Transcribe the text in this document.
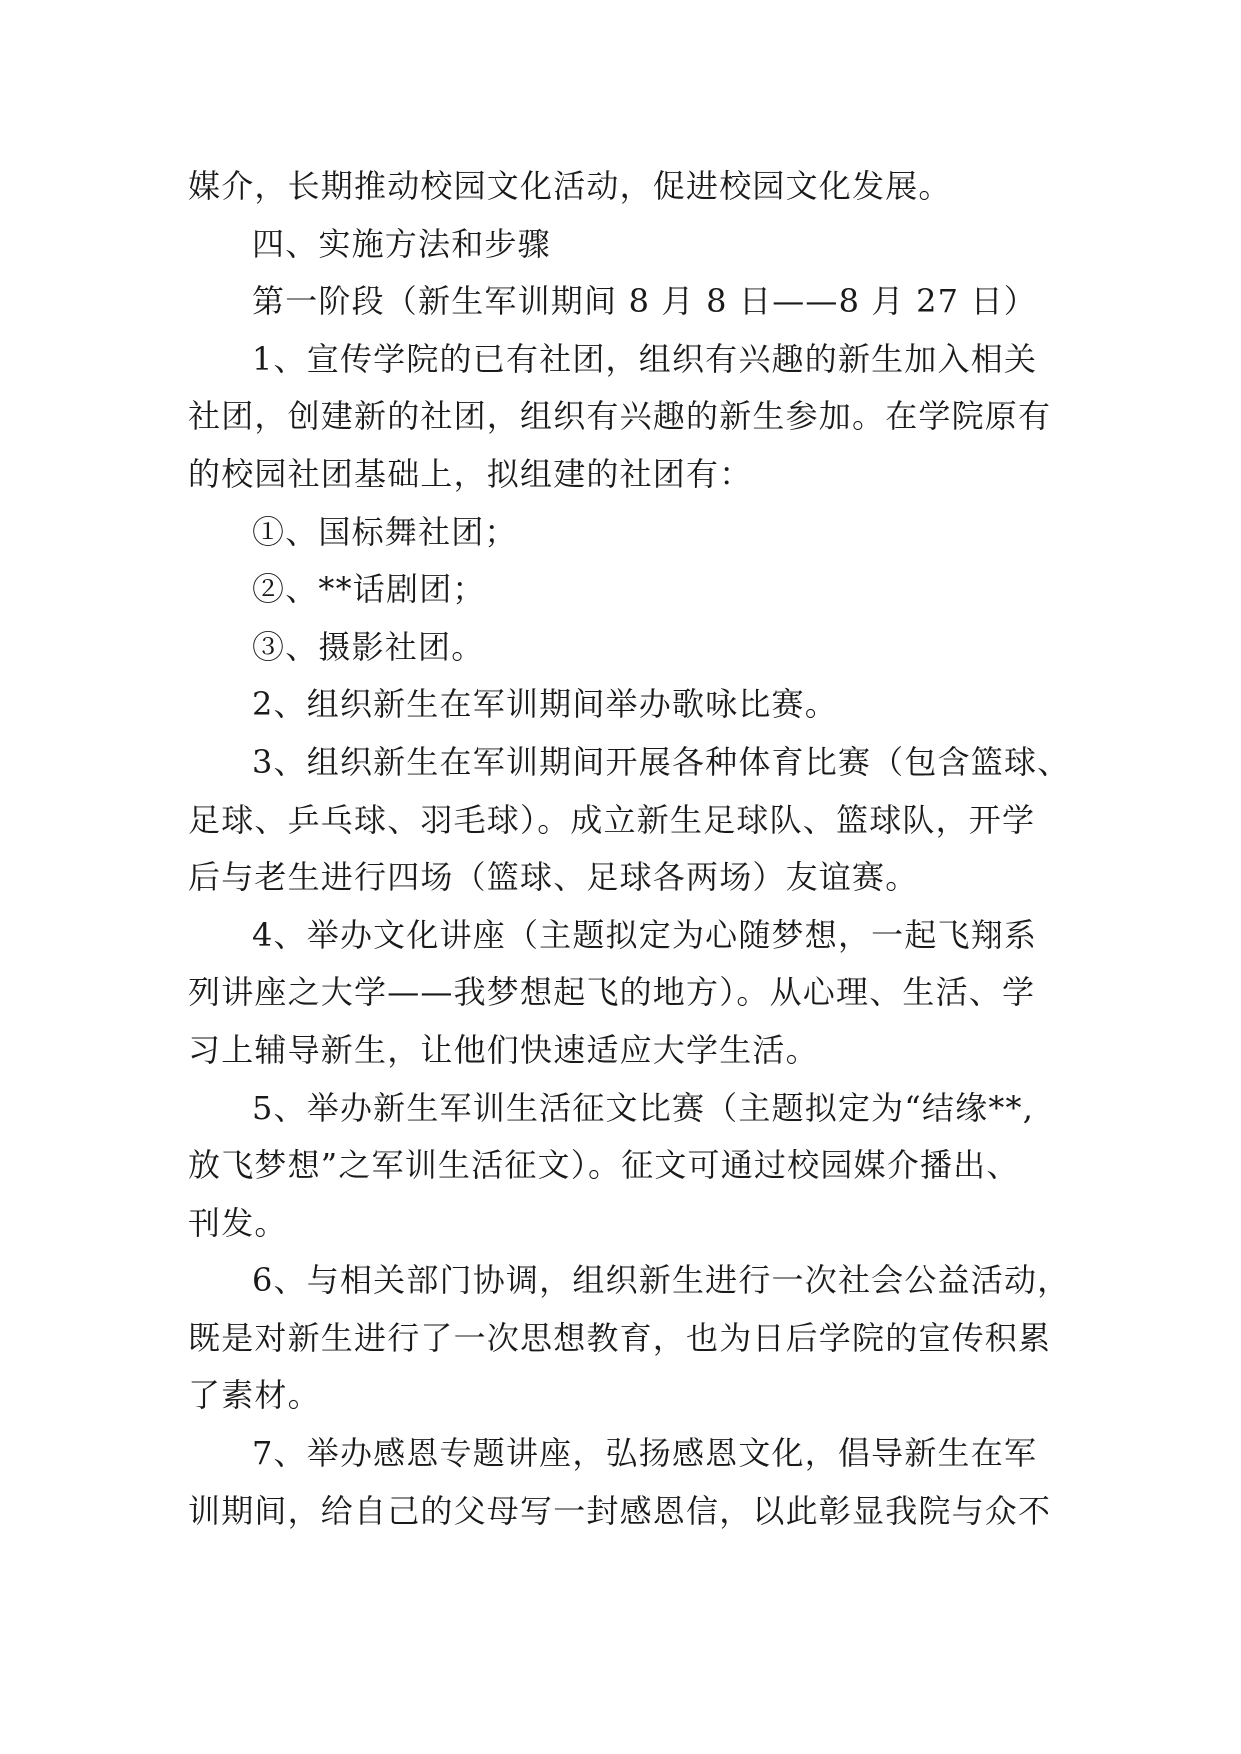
媒介，长期推动校园文化活动，促进校园文化发展。
四、实施方法和步骤
第一阶段（新生军训期间 8 月 8 日——8 月 27 日）
1、宣传学院的已有社团，组织有兴趣的新生加入相关
社团，创建新的社团，组织有兴趣的新生参加。在学院原有
的校园社团基础上，拟组建的社团有：
①、国标舞社团；
②、**话剧团；
③、摄影社团。
2、组织新生在军训期间举办歌咏比赛。
3、组织新生在军训期间开展各种体育比赛（包含篮球、
足球、乒乓球、羽毛球）。成立新生足球队、篮球队，开学
后与老生进行四场（篮球、足球各两场）友谊赛。
4、举办文化讲座（主题拟定为心随梦想，一起飞翔系
列讲座之大学——我梦想起飞的地方）。从心理、生活、学
习上辅导新生，让他们快速适应大学生活。
5、举办新生军训生活征文比赛（主题拟定为“结缘**,
放飞梦想”之军训生活征文）。征文可通过校园媒介播出、
刊发。
6、与相关部门协调，组织新生进行一次社会公益活动，
既是对新生进行了一次思想教育，也为日后学院的宣传积累
了素材。
7、举办感恩专题讲座，弘扬感恩文化，倡导新生在军
训期间，给自己的父母写一封感恩信，以此彰显我院与众不
